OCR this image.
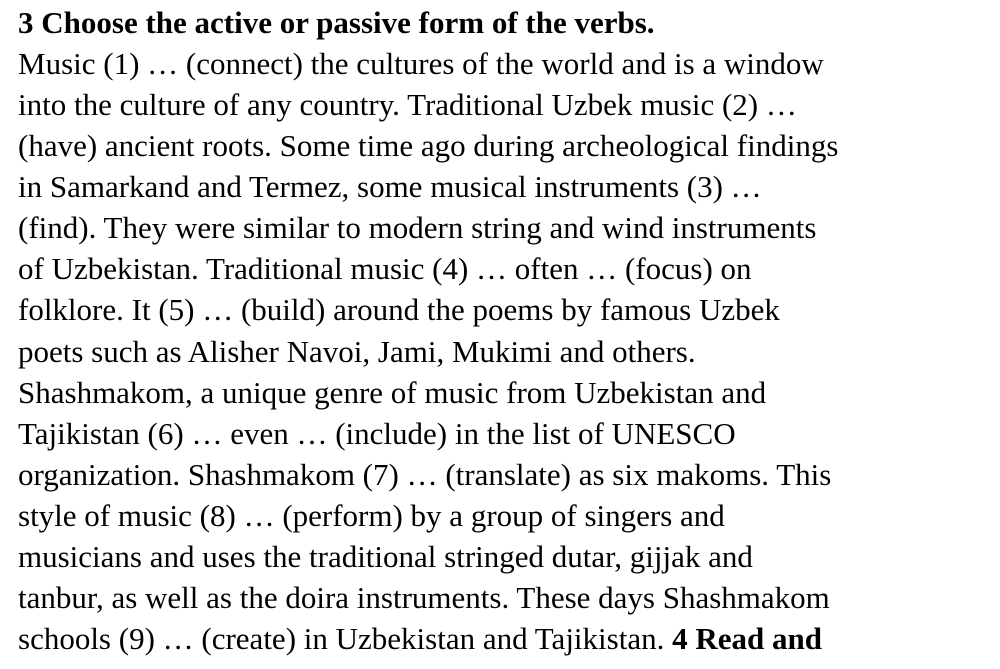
3 Choose the active or passive form of the verbs.
Music (1) … (connect) the cultures of the world and is a window
into the culture of any country. Traditional Uzbek music (2) …
(have) ancient roots. Some time ago during archeological findings
in Samarkand and Termez, some musical instruments (3) …
(find). They were similar to modern string and wind instruments
of Uzbekistan. Traditional music (4) … often … (focus) on
folklore. It (5) … (build) around the poems by famous Uzbek
poets such as Alisher Navoi, Jami, Mukimi and others.
Shashmakom, a unique genre of music from Uzbekistan and
Tajikistan (6) … even … (include) in the list of UNESCO
organization. Shashmakom (7) … (translate) as six makoms. This
style of music (8) … (perform) by a group of singers and
musicians and uses the traditional stringed dutar, gijjak and
tanbur, as well as the doira instruments. These days Shashmakom
schools (9) … (create) in Uzbekistan and Tajikistan. 4 Read and
